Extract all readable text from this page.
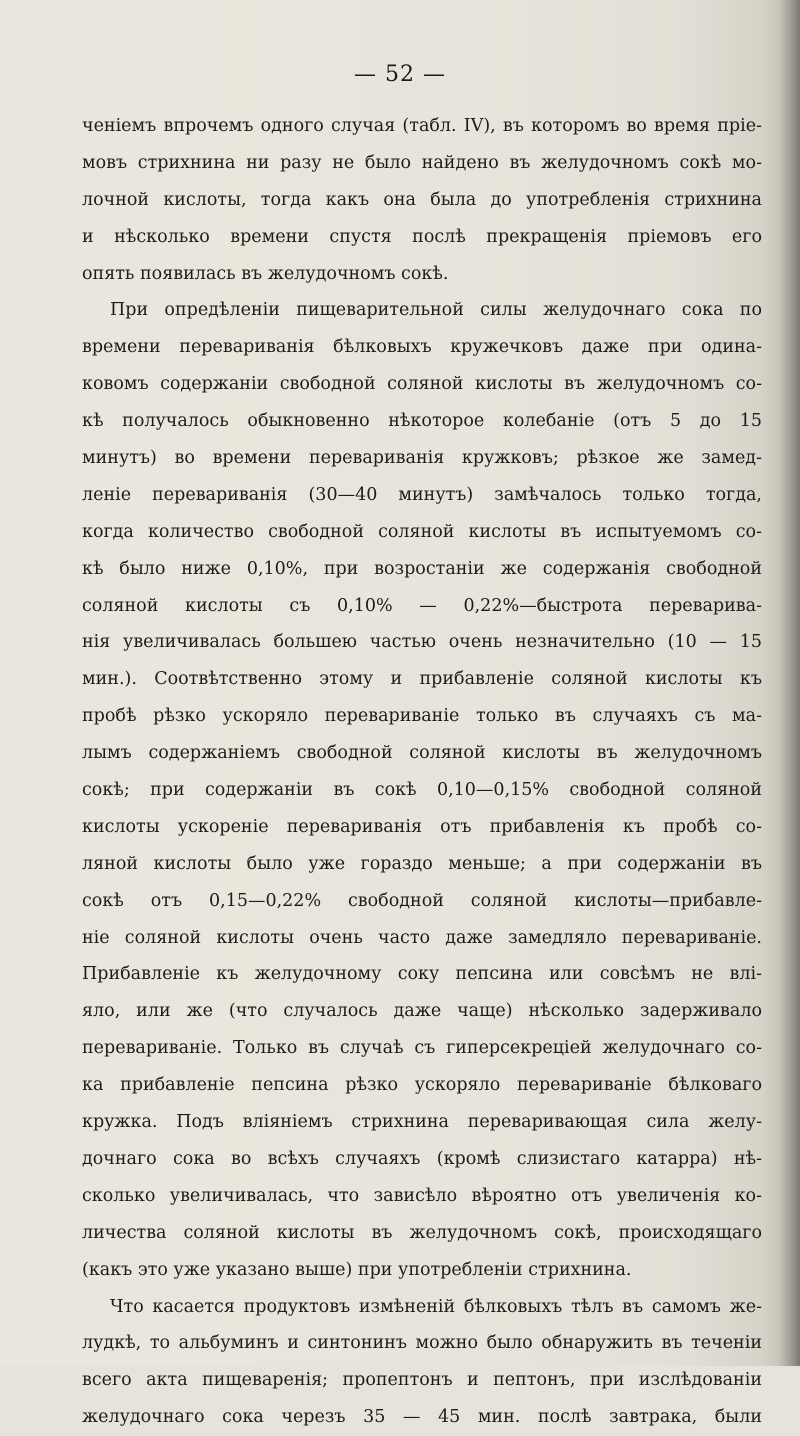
— 52 —
ченіемъ впрочемъ одного случая (табл. IV), въ которомъ во время пріе-
мовъ стрихнина ни разу не было найдено въ желудочномъ сокѣ мо-
лочной кислоты, тогда какъ она была до употребленія стрихнина
и нѣсколько времени спустя послѣ прекращенія пріемовъ его
опять появилась въ желудочномъ сокѣ.
При опредѣленіи пищеварительной силы желудочнаго сока по
времени переваривaнія бѣлковыхъ кружечковъ даже при одина-
ковомъ содержаніи свободной соляной кислоты въ желудочномъ со-
кѣ получалось обыкновенно нѣкоторое колебаніе (отъ 5 до 15
минутъ) во времени переваривaнія кружковъ; рѣзкое же замед-
леніе переваривaнія (30—40 минутъ) замѣчалось только тогда,
когда количество свободной соляной кислоты въ испытуемомъ со-
кѣ было ниже 0,10%, при возростаніи же содержанія свободной
соляной кислоты съ 0,10% — 0,22%—быстрота переварива-
нія увеличивалась большею частью очень незначительно (10 — 15
мин.). Соотвѣтственно этому и прибавленіе соляной кислоты къ
пробѣ рѣзко ускоряло перевариваніе только въ случаяхъ съ ма-
лымъ содержаніемъ свободной соляной кислоты въ желудочномъ
сокѣ; при содержаніи въ сокѣ 0,10—0,15% свободной соляной
кислоты ускореніе переваривaнія отъ прибавленія къ пробѣ со-
ляной кислоты было уже гораздо меньше; а при содержаніи въ
сокѣ отъ 0,15—0,22% свободной соляной кислоты—прибавле-
ніе соляной кислоты очень часто даже замедляло перевариваніе.
Прибавленіе къ желудочному соку пепсина или совсѣмъ не влі-
яло, или же (что случалось даже чаще) нѣсколько задерживало
перевариваніе. Только въ случаѣ съ гиперсекреціей желудочнаго со-
ка прибавленіе пепсина рѣзко ускоряло перевариваніе бѣлковаго
кружка. Подъ вліяніемъ стрихнина переваривающая сила желу-
дочнаго сока во всѣхъ случаяхъ (кромѣ слизистаго катарра) нѣ-
сколько увеличивалась, что зависѣло вѣроятно отъ увеличенія ко-
личества соляной кислоты въ желудочномъ сокѣ, происходящаго
(какъ это уже указано выше) при употребленіи стрихнина.
Что касается продуктовъ измѣненій бѣлковыхъ тѣлъ въ самомъ же-
лудкѣ, то альбуминъ и синтонинъ можно было обнаружить въ теченіи
всего акта пищеваренія; пропептонъ и пептонъ, при изслѣдованіи
желудочнаго сока черезъ 35 — 45 мин. послѣ завтрака, были
